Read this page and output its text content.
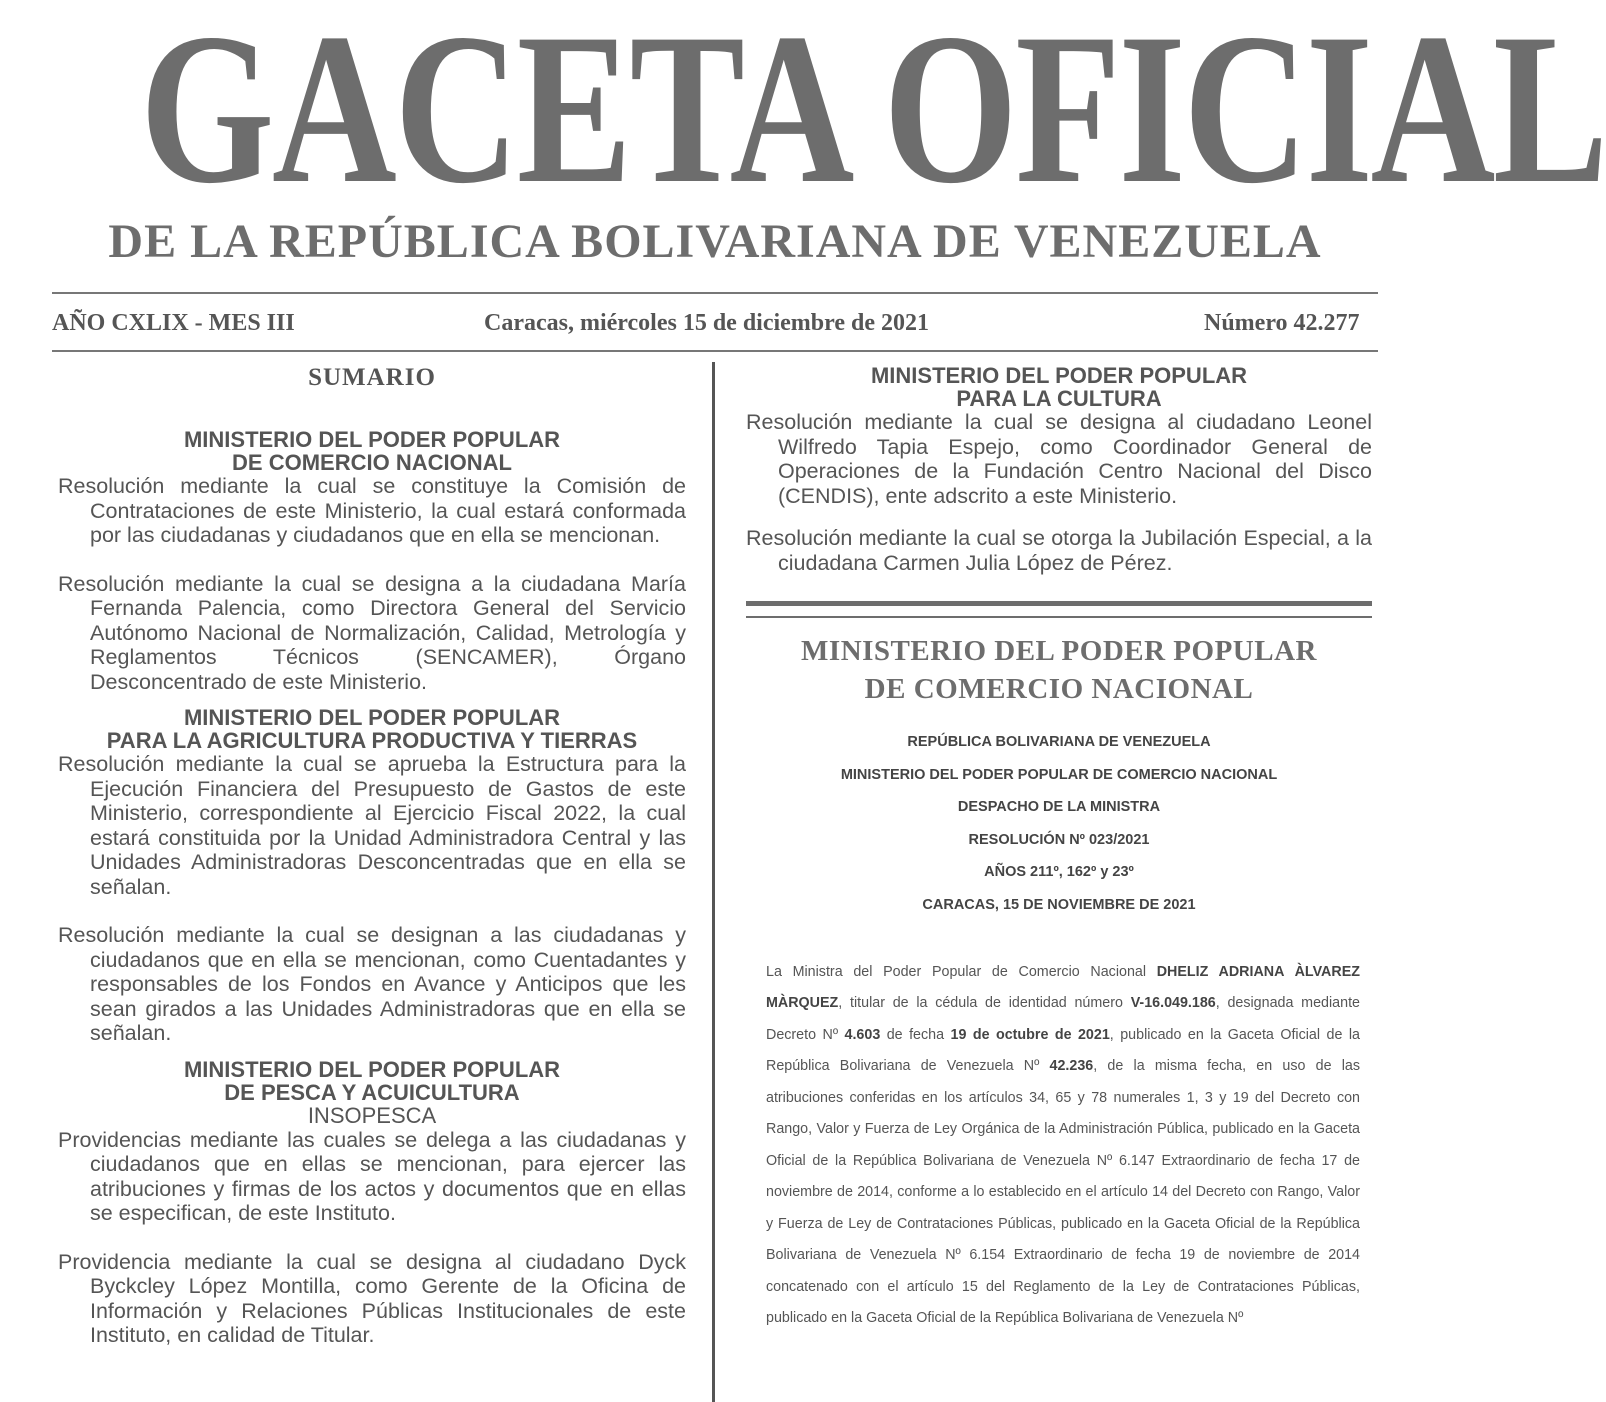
GACETA OFICIAL
DE LA REPÚBLICA BOLIVARIANA DE VENEZUELA
AÑO CXLIX - MES III	Caracas, miércoles 15 de diciembre de 2021	Número 42.277
SUMARIO
MINISTERIO DEL PODER POPULAR
DE COMERCIO NACIONAL

Resolución mediante la cual se constituye la Comisión de Contrataciones de este Ministerio, la cual estará conformada por las ciudadanas y ciudadanos que en ella se mencionan.

Resolución mediante la cual se designa a la ciudadana María Fernanda Palencia, como Directora General del Servicio Autónomo Nacional de Normalización, Calidad, Metrología y Reglamentos Técnicos (SENCAMER), Órgano Desconcentrado de este Ministerio.

MINISTERIO DEL PODER POPULAR
PARA LA AGRICULTURA PRODUCTIVA Y TIERRAS

Resolución mediante la cual se aprueba la Estructura para la Ejecución Financiera del Presupuesto de Gastos de este Ministerio, correspondiente al Ejercicio Fiscal 2022, la cual estará constituida por la Unidad Administradora Central y las Unidades Administradoras Desconcentradas que en ella se señalan.

Resolución mediante la cual se designan a las ciudadanas y ciudadanos que en ella se mencionan, como Cuentadantes y responsables de los Fondos en Avance y Anticipos que les sean girados a las Unidades Administradoras que en ella se señalan.

MINISTERIO DEL PODER POPULAR
DE PESCA Y ACUICULTURA
INSOPESCA

Providencias mediante las cuales se delega a las ciudadanas y ciudadanos que en ellas se mencionan, para ejercer las atribuciones y firmas de los actos y documentos que en ellas se especifican, de este Instituto.

Providencia mediante la cual se designa al ciudadano Dyck Byckcley López Montilla, como Gerente de la Oficina de Información y Relaciones Públicas Institucionales de este Instituto, en calidad de Titular.

MINISTERIO DEL PODER POPULAR
PARA LA CULTURA

Resolución mediante la cual se designa al ciudadano Leonel Wilfredo Tapia Espejo, como Coordinador General de Operaciones de la Fundación Centro Nacional del Disco (CENDIS), ente adscrito a este Ministerio.

Resolución mediante la cual se otorga la Jubilación Especial, a la ciudadana Carmen Julia López de Pérez.

MINISTERIO DEL PODER POPULAR
DE COMERCIO NACIONAL
REPÚBLICA BOLIVARIANA DE VENEZUELA
MINISTERIO DEL PODER POPULAR DE COMERCIO NACIONAL
DESPACHO DE LA MINISTRA
RESOLUCIÓN Nº 023/2021
AÑOS 211º, 162º y 23º
CARACAS, 15 DE NOVIEMBRE DE 2021
La Ministra del Poder Popular de Comercio Nacional DHELIZ ADRIANA ÀLVAREZ MÀRQUEZ, titular de la cédula de identidad número V-16.049.186, designada mediante Decreto Nº 4.603 de fecha 19 de octubre de 2021, publicado en la Gaceta Oficial de la República Bolivariana de Venezuela Nº 42.236, de la misma fecha, en uso de las atribuciones conferidas en los artículos 34, 65 y 78 numerales 1, 3 y 19 del Decreto con Rango, Valor y Fuerza de Ley Orgánica de la Administración Pública, publicado en la Gaceta Oficial de la República Bolivariana de Venezuela Nº 6.147 Extraordinario de fecha 17 de noviembre de 2014, conforme a lo establecido en el artículo 14 del Decreto con Rango, Valor y Fuerza de Ley de Contrataciones Públicas, publicado en la Gaceta Oficial de la República Bolivariana de Venezuela Nº 6.154 Extraordinario de fecha 19 de noviembre de 2014 concatenado con el artículo 15 del Reglamento de la Ley de Contrataciones Públicas, publicado en la Gaceta Oficial de la República Bolivariana de Venezuela Nº
